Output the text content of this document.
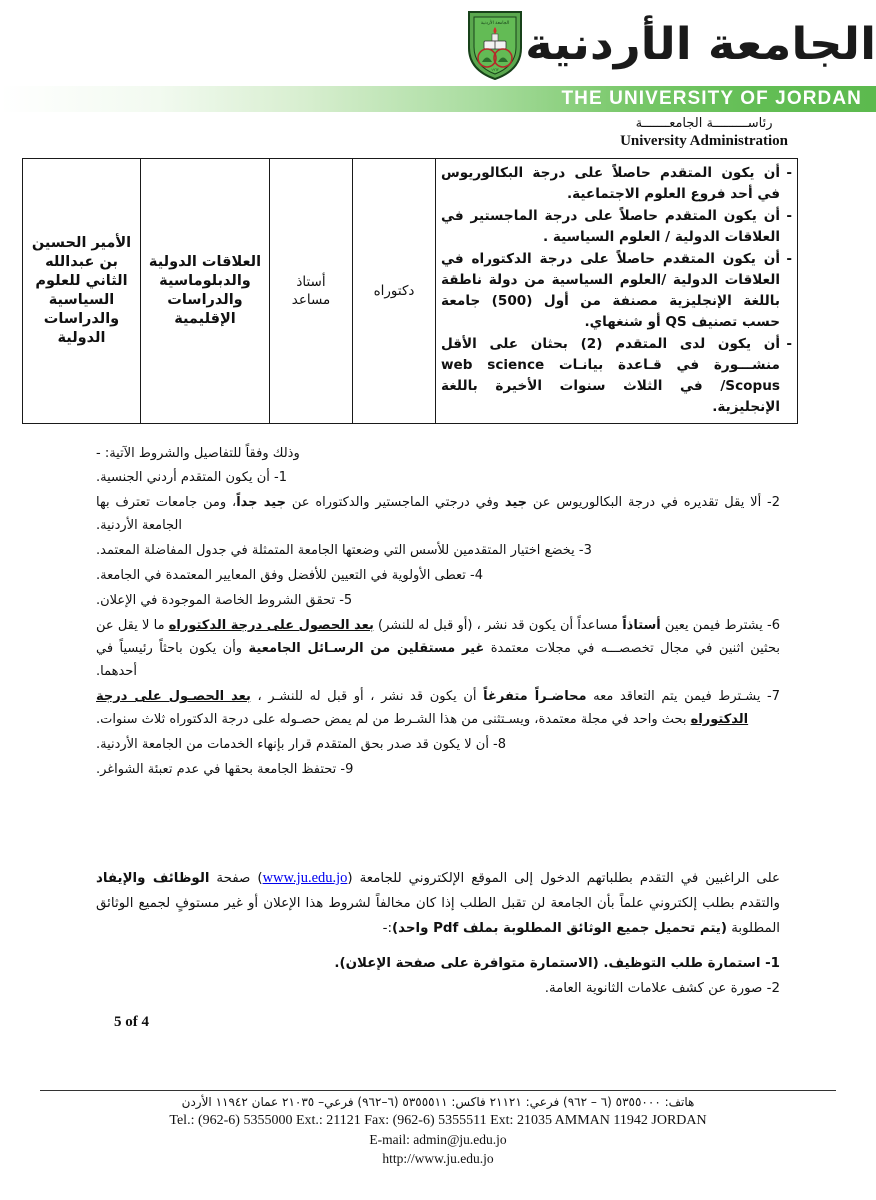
الجامعة الأردنية
الجامعة الأردنية
١٩٦٢
THE UNIVERSITY OF JORDAN
رئاســـــــــة الجامعـــــــة
University Administration
- أن يكون المتقدم حاصلاً على درجة البكالوريوس في أحد فروع العلوم الاجتماعية.
- أن يكون المتقدم حاصلاً على درجة الماجستير في العلاقات الدولية / العلوم السياسية .
- أن يكون المتقدم حاصلاً على درجة الدكتوراه في العلاقات الدولية /العلوم السياسية من دولة ناطقة باللغة الإنجليزية مصنفة من أول (500) جامعة حسب تصنيف QS أو شنغهاي.
- أن يكون لدى المتقدم (2) بحثان على الأقل منشـــورة في قـاعدة بيانـات web science /Scopus في الثلاث سنوات الأخيرة باللغة الإنجليزية.
	دكتوراه	أستاذ مساعد	العلاقات الدولية والدبلوماسية والدراسات الإقليمية	الأمير الحسين بن عبدالله الثاني للعلوم السياسية والدراسات الدولية
وذلك وفقاً للتفاصيل والشروط الآتية: -
1- أن يكون المتقدم أردني الجنسية.
2- ألا يقل تقديره في درجة البكالوريوس عن جيد وفي درجتي الماجستير والدكتوراه عن جيد جداً، ومن جامعات تعترف بها الجامعة الأردنية.
3- يخضع اختيار المتقدمين للأسس التي وضعتها الجامعة المتمثلة في جدول المفاضلة المعتمد.
4- تعطى الأولوية في التعيين للأفضل وفق المعايير المعتمدة في الجامعة.
5- تحقق الشروط الخاصة الموجودة في الإعلان.
6- يشترط فيمن يعين أستاذاً مساعداً أن يكون قد نشر ، (أو قبل له للنشر) بعد الحصول على درجة الدكتوراه ما لا يقل عن بحثين اثنين في مجال تخصصـــه في مجلات معتمدة غير مستقلين من الرسـائل الجامعية وأن يكون باحثاً رئيسياً في أحدهما.
7- يشـترط فيمن يتم التعاقد معه محاضـراً متفرغاً أن يكون قد نشر ، أو قبل له للنشـر ، بعد الحصـول على درجة الدكتوراه بحث واحد في مجلة معتمدة، ويسـتثنى من هذا الشـرط من لم يمض حصـوله على درجة الدكتوراه ثلاث سنوات.
8- أن لا يكون قد صدر بحق المتقدم قرار بإنهاء الخدمات من الجامعة الأردنية.
9- تحتفظ الجامعة بحقها في عدم تعبئة الشواغر.
على الراغبين في التقدم بطلباتهم الدخول إلى الموقع الإلكتروني للجامعة (www.ju.edu.jo) صفحة الوظائف والإيفاد والتقدم بطلب إلكتروني علماً بأن الجامعة لن تقبل الطلب إذا كان مخالفاً لشروط هذا الإعلان أو غير مستوفٍ لجميع الوثائق المطلوبة (يتم تحميل جميع الوثائق المطلوبة بملف Pdf واحد):-
1- استمارة طلب التوظيف. (الاستمارة متوافرة على صفحة الإعلان).
2- صورة عن كشف علامات الثانوية العامة.
5 of 4
هاتف: ٥٣٥٥٠٠٠ (٦ – ٩٦٢) فرعي: ٢١١٢١ فاكس: ٥٣٥٥٥١١ (٦–٩٦٢) فرعي– ٢١٠٣٥ عمان ١١٩٤٢ الأردن
Tel.: (962-6) 5355000 Ext.: 21121 Fax: (962-6) 5355511 Ext: 21035 AMMAN 11942 JORDAN
E-mail: admin@ju.edu.jo
http://www.ju.edu.jo
